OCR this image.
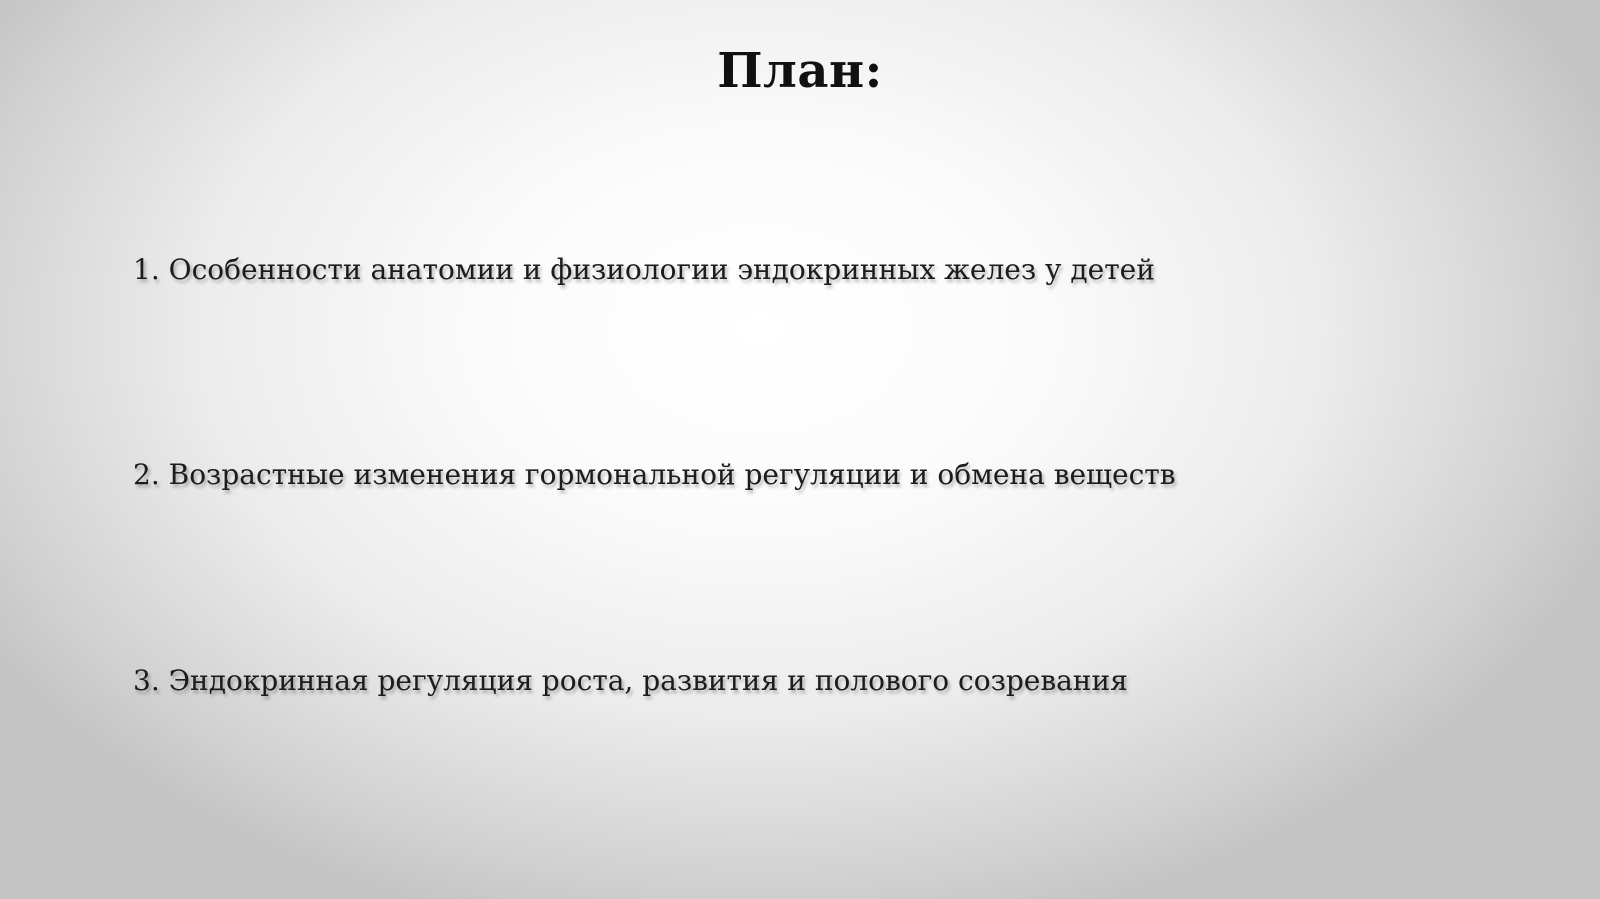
План:

1. Особенности анатомии и физиологии эндокринных желез у детей

2. Возрастные изменения гормональной регуляции и обмена веществ

3. Эндокринная регуляция роста, развития и полового созревания
